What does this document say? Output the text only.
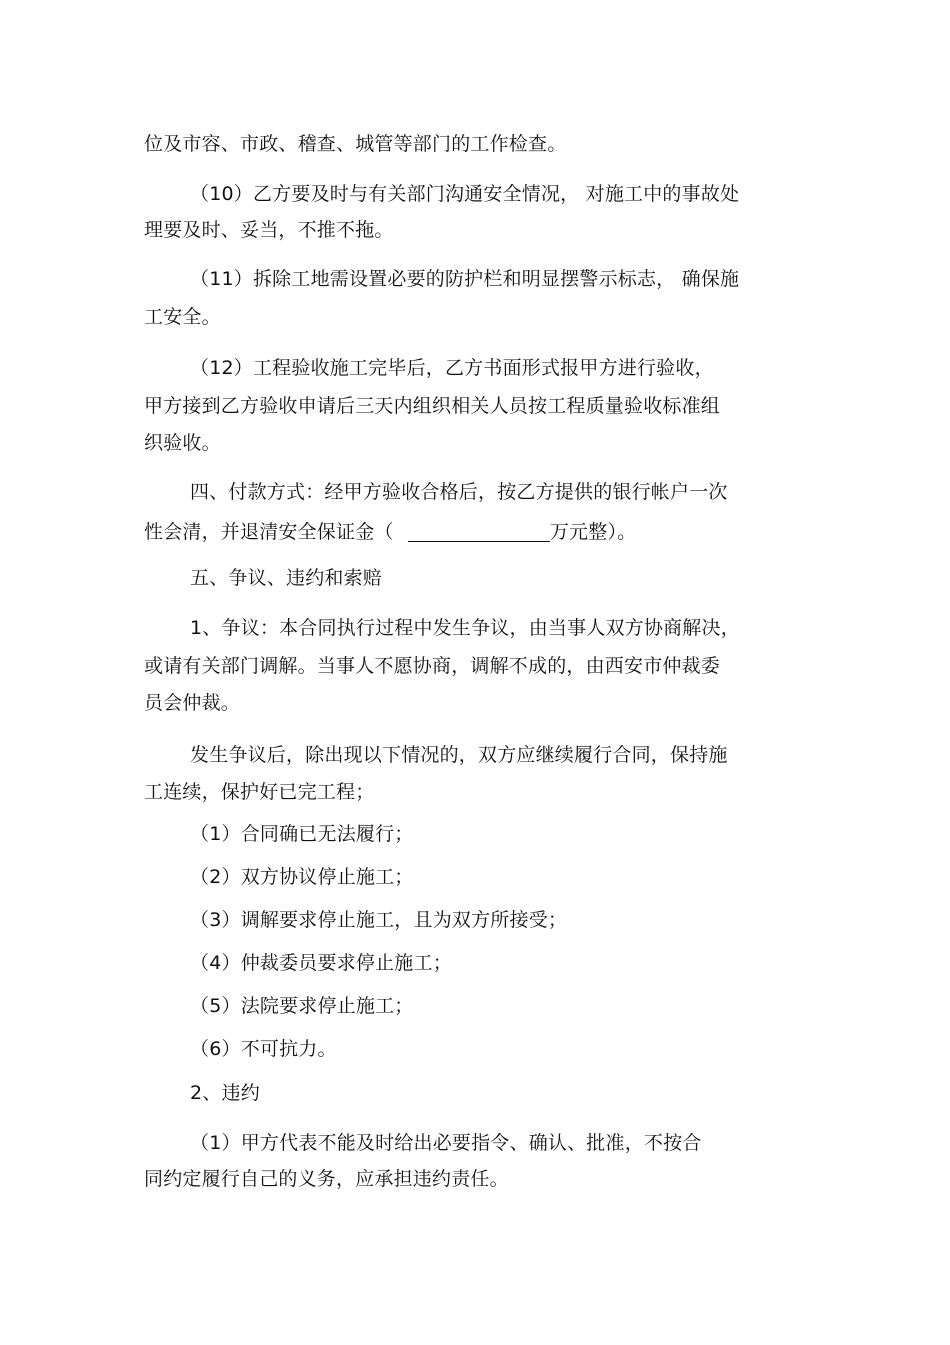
位及市容、市政、稽查、城管等部门的工作检查。

（10）乙方要及时与有关部门沟通安全情况， 对施工中的事故处

理要及时、妥当，不推不拖。

（11）拆除工地需设置必要的防护栏和明显摆警示标志， 确保施

工安全。

（12）工程验收施工完毕后，乙方书面形式报甲方进行验收，

甲方接到乙方验收申请后三天内组织相关人员按工程质量验收标准组

织验收。

四、付款方式：经甲方验收合格后，按乙方提供的银行帐户一次

性会清，并退清安全保证金（	万元整）。

五、争议、违约和索赔

1、争议：本合同执行过程中发生争议，由当事人双方协商解决，

或请有关部门调解。当事人不愿协商，调解不成的，由西安市仲裁委

员会仲裁。

发生争议后，除出现以下情况的，双方应继续履行合同，保持施

工连续，保护好已完工程；

（1）合同确已无法履行；

（2）双方协议停止施工；

（3）调解要求停止施工，且为双方所接受；

（4）仲裁委员要求停止施工；

（5）法院要求停止施工；

（6）不可抗力。

2、违约

（1）甲方代表不能及时给出必要指令、确认、批准，不按合

同约定履行自己的义务，应承担违约责任。
